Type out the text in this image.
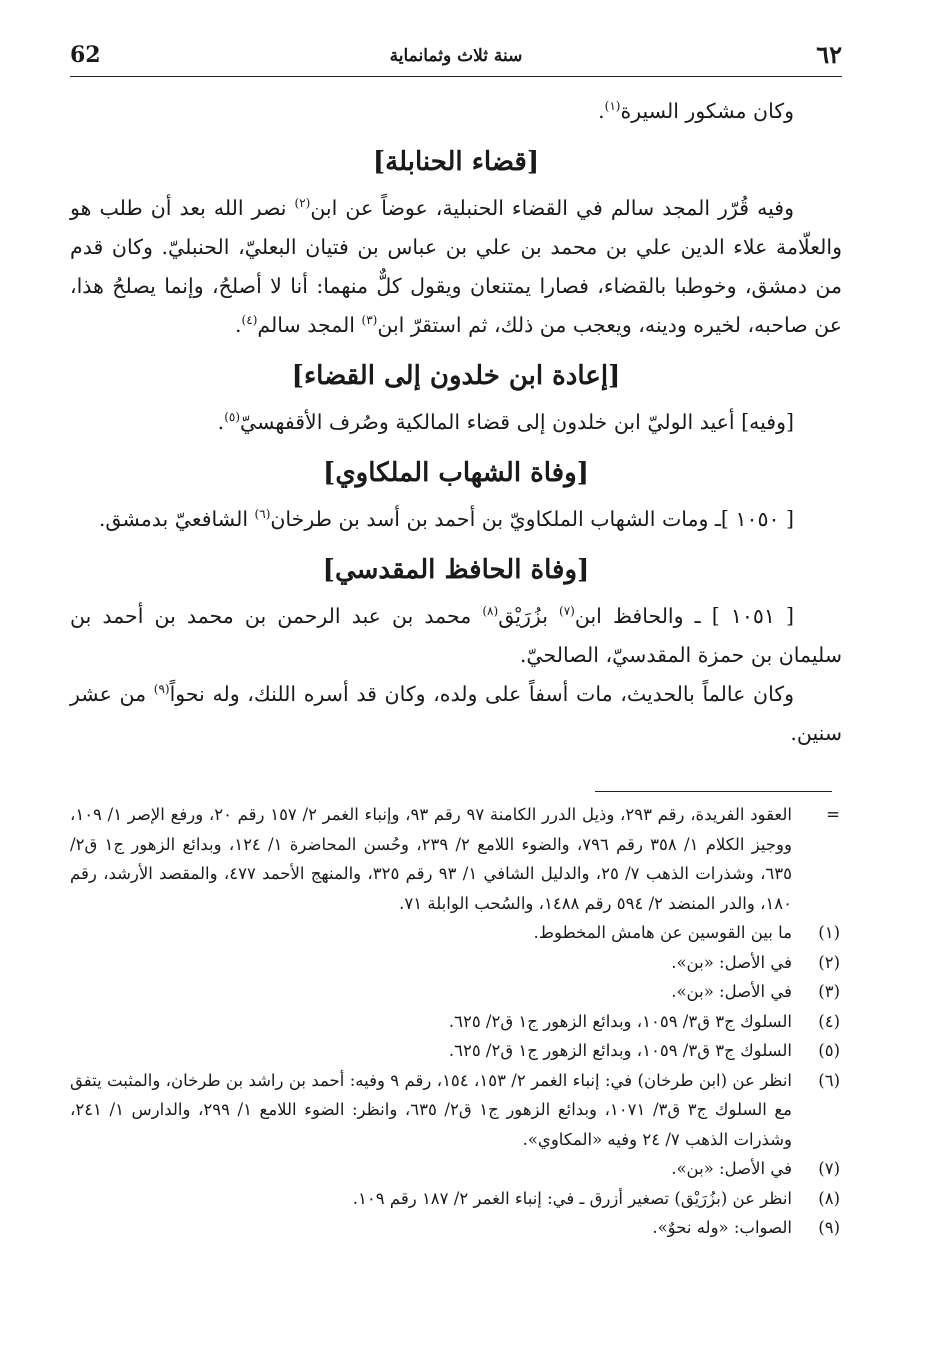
62	سنة ثلاث وثمانماية	٦٢

وكان مشكور السيرة$^{(١)}$.

[قضاء الحنابلة]

وفيه قُرّر المجد سالم في القضاء الحنبلية، عوضاً عن ابن$^{(٢)}$ نصر الله بعد أن طلب هو والعلّامة علاء الدين علي بن محمد بن علي بن عباس بن فتيان البعليّ، الحنبليّ. وكان قدم من دمشق، وخوطبا بالقضاء، فصارا يمتنعان ويقول كلٌّ منهما: أنا لا أصلحُ، وإنما يصلحُ هذا، عن صاحبه، لخيره ودينه، ويعجب من ذلك، ثم استقرّ ابن$^{(٣)}$ المجد سالم$^{(٤)}$.

[إعادة ابن خلدون إلى القضاء]

[وفيه] أعيد الوليّ ابن خلدون إلى قضاء المالكية وصُرف الأقفهسيّ$^{(٥)}$.

[وفاة الشهاب الملكاوي]

[ ١٠٥٠ ]ـ ومات الشهاب الملكاويّ بن أحمد بن أسد بن طرخان$^{(٦)}$ الشافعيّ بدمشق.

[وفاة الحافظ المقدسي]

[ ١٠٥١ ] ـ والحافظ ابن$^{(٧)}$ بزُرَيْق$^{(٨)}$ محمد بن عبد الرحمن بن محمد بن أحمد بن سليمان بن حمزة المقدسيّ، الصالحيّ.

وكان عالماً بالحديث، مات أسفاً على ولده، وكان قد أسره اللنك، وله نحواً$^{(٩)}$ من عشر سنين.

=
العقود الفريدة، رقم ٢٩٣، وذيل الدرر الكامنة ٩٧ رقم ٩٣، وإنباء الغمر ٢/ ١٥٧ رقم ٢٠، ورفع الإصر ١/ ١٠٩، ووجيز الكلام ١/ ٣٥٨ رقم ٧٩٦، والضوء اللامع ٢/ ٢٣٩، وحُسن المحاضرة ١/ ١٢٤، وبدائع الزهور ج١ ق٢/ ٦٣٥، وشذرات الذهب ٧/ ٢٥، والدليل الشافي ١/ ٩٣ رقم ٣٢٥، والمنهج الأحمد ٤٧٧، والمقصد الأرشد، رقم ١٨٠، والدر المنضد ٢/ ٥٩٤ رقم ١٤٨٨، والسُحب الوابلة ٧١.
(١)
ما بين القوسين عن هامش المخطوط.
(٢)
في الأصل: «بن».
(٣)
في الأصل: «بن».
(٤)
السلوك ج٣ ق٣/ ١٠٥٩، وبدائع الزهور ج١ ق٢/ ٦٢٥.
(٥)
السلوك ج٣ ق٣/ ١٠٥٩، وبدائع الزهور ج١ ق٢/ ٦٢٥.
(٦)
انظر عن (ابن طرخان) في: إنباء الغمر ٢/ ١٥٣، ١٥٤، رقم ٩ وفيه: أحمد بن راشد بن طرخان، والمثبت يتفق مع السلوك ج٣ ق٣/ ١٠٧١، وبدائع الزهور ج١ ق٢/ ٦٣٥، وانظر: الضوء اللامع ١/ ٢٩٩، والدارس ١/ ٢٤١، وشذرات الذهب ٧/ ٢٤ وفيه «المكاوي».
(٧)
في الأصل: «بن».
(٨)
انظر عن (بزُرَيْق) تصغير أزرق ـ في: إنباء الغمر ٢/ ١٨٧ رقم ١٠٩.
(٩)
الصواب: «وله نحوٌ».
